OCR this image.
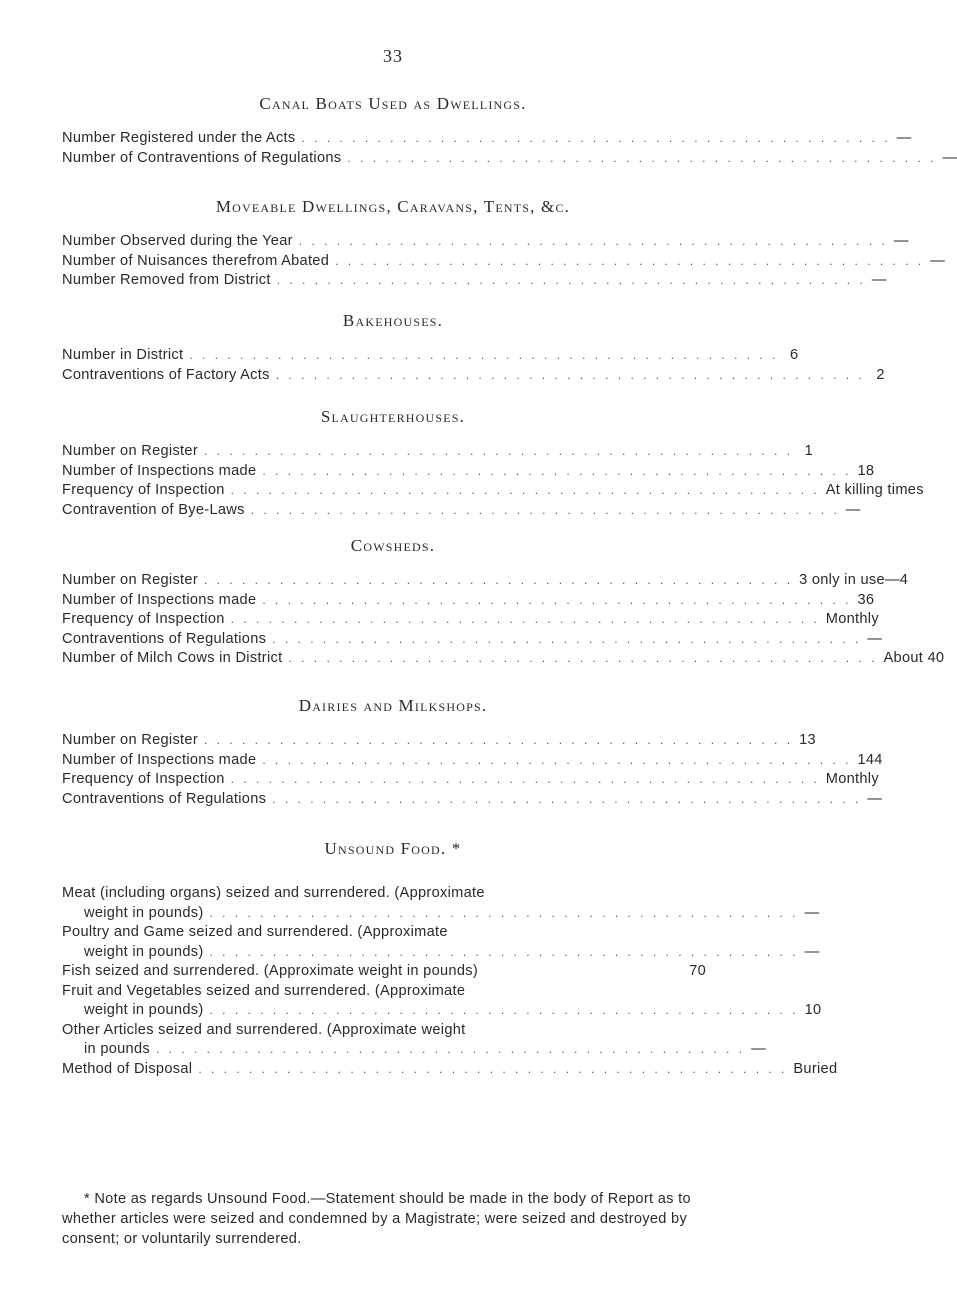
33
Canal Boats Used as Dwellings.
Number Registered under the Acts . . . . . . . . . . . . . . . . . . . . . . . . . . . . . . . . . . . . . . . . . . . . . . . —
Number of Contraventions of Regulations . . . . . . . . . . . . . . . . . . . . . . . . . . . . . . . . . . . . . . . . . . . . . . . —
Moveable Dwellings, Caravans, Tents, &c.
Number Observed during the Year . . . . . . . . . . . . . . . . . . . . . . . . . . . . . . . . . . . . . . . . . . . . . . . —
Number of Nuisances therefrom Abated . . . . . . . . . . . . . . . . . . . . . . . . . . . . . . . . . . . . . . . . . . . . . . . —
Number Removed from District . . . . . . . . . . . . . . . . . . . . . . . . . . . . . . . . . . . . . . . . . . . . . . . —
Bakehouses.
Number in District . . . . . . . . . . . . . . . . . . . . . . . . . . . . . . . . . . . . . . . . . . . . . . . 6
Contraventions of Factory Acts . . . . . . . . . . . . . . . . . . . . . . . . . . . . . . . . . . . . . . . . . . . . . . . 2
Slaughterhouses.
Number on Register . . . . . . . . . . . . . . . . . . . . . . . . . . . . . . . . . . . . . . . . . . . . . . . 1
Number of Inspections made . . . . . . . . . . . . . . . . . . . . . . . . . . . . . . . . . . . . . . . . . . . . . . . 18
Frequency of Inspection . . . . . . . . . . . . . . . . . . . . . . . . . . . . . . . . . . . . . . . . . . . . . . . At killing times
Contravention of Bye-Laws . . . . . . . . . . . . . . . . . . . . . . . . . . . . . . . . . . . . . . . . . . . . . . . —
Cowsheds.
Number on Register . . . . . . . . . . . . . . . . . . . . . . . . . . . . . . . . . . . . . . . . . . . . . . . 3 only in use—4
Number of Inspections made . . . . . . . . . . . . . . . . . . . . . . . . . . . . . . . . . . . . . . . . . . . . . . . 36
Frequency of Inspection . . . . . . . . . . . . . . . . . . . . . . . . . . . . . . . . . . . . . . . . . . . . . . . Monthly
Contraventions of Regulations . . . . . . . . . . . . . . . . . . . . . . . . . . . . . . . . . . . . . . . . . . . . . . . —
Number of Milch Cows in District . . . . . . . . . . . . . . . . . . . . . . . . . . . . . . . . . . . . . . . . . . . . . . . About 40
Dairies and Milkshops.
Number on Register . . . . . . . . . . . . . . . . . . . . . . . . . . . . . . . . . . . . . . . . . . . . . . . 13
Number of Inspections made . . . . . . . . . . . . . . . . . . . . . . . . . . . . . . . . . . . . . . . . . . . . . . . 144
Frequency of Inspection . . . . . . . . . . . . . . . . . . . . . . . . . . . . . . . . . . . . . . . . . . . . . . . Monthly
Contraventions of Regulations . . . . . . . . . . . . . . . . . . . . . . . . . . . . . . . . . . . . . . . . . . . . . . . —
Unsound Food. *
Meat (including organs) seized and surrendered. (Approximate
weight in pounds) . . . . . . . . . . . . . . . . . . . . . . . . . . . . . . . . . . . . . . . . . . . . . . . —
Poultry and Game seized and surrendered. (Approximate
weight in pounds) . . . . . . . . . . . . . . . . . . . . . . . . . . . . . . . . . . . . . . . . . . . . . . . —
Fish seized and surrendered. (Approximate weight in pounds)	70
Fruit and Vegetables seized and surrendered. (Approximate
weight in pounds) . . . . . . . . . . . . . . . . . . . . . . . . . . . . . . . . . . . . . . . . . . . . . . . 10
Other Articles seized and surrendered. (Approximate weight
in pounds . . . . . . . . . . . . . . . . . . . . . . . . . . . . . . . . . . . . . . . . . . . . . . . —
Method of Disposal . . . . . . . . . . . . . . . . . . . . . . . . . . . . . . . . . . . . . . . . . . . . . . . Buried
* Note as regards Unsound Food.—Statement should be made in the body of Report as to whether articles were seized and condemned by a Magistrate; were seized and destroyed by consent; or voluntarily surrendered.
